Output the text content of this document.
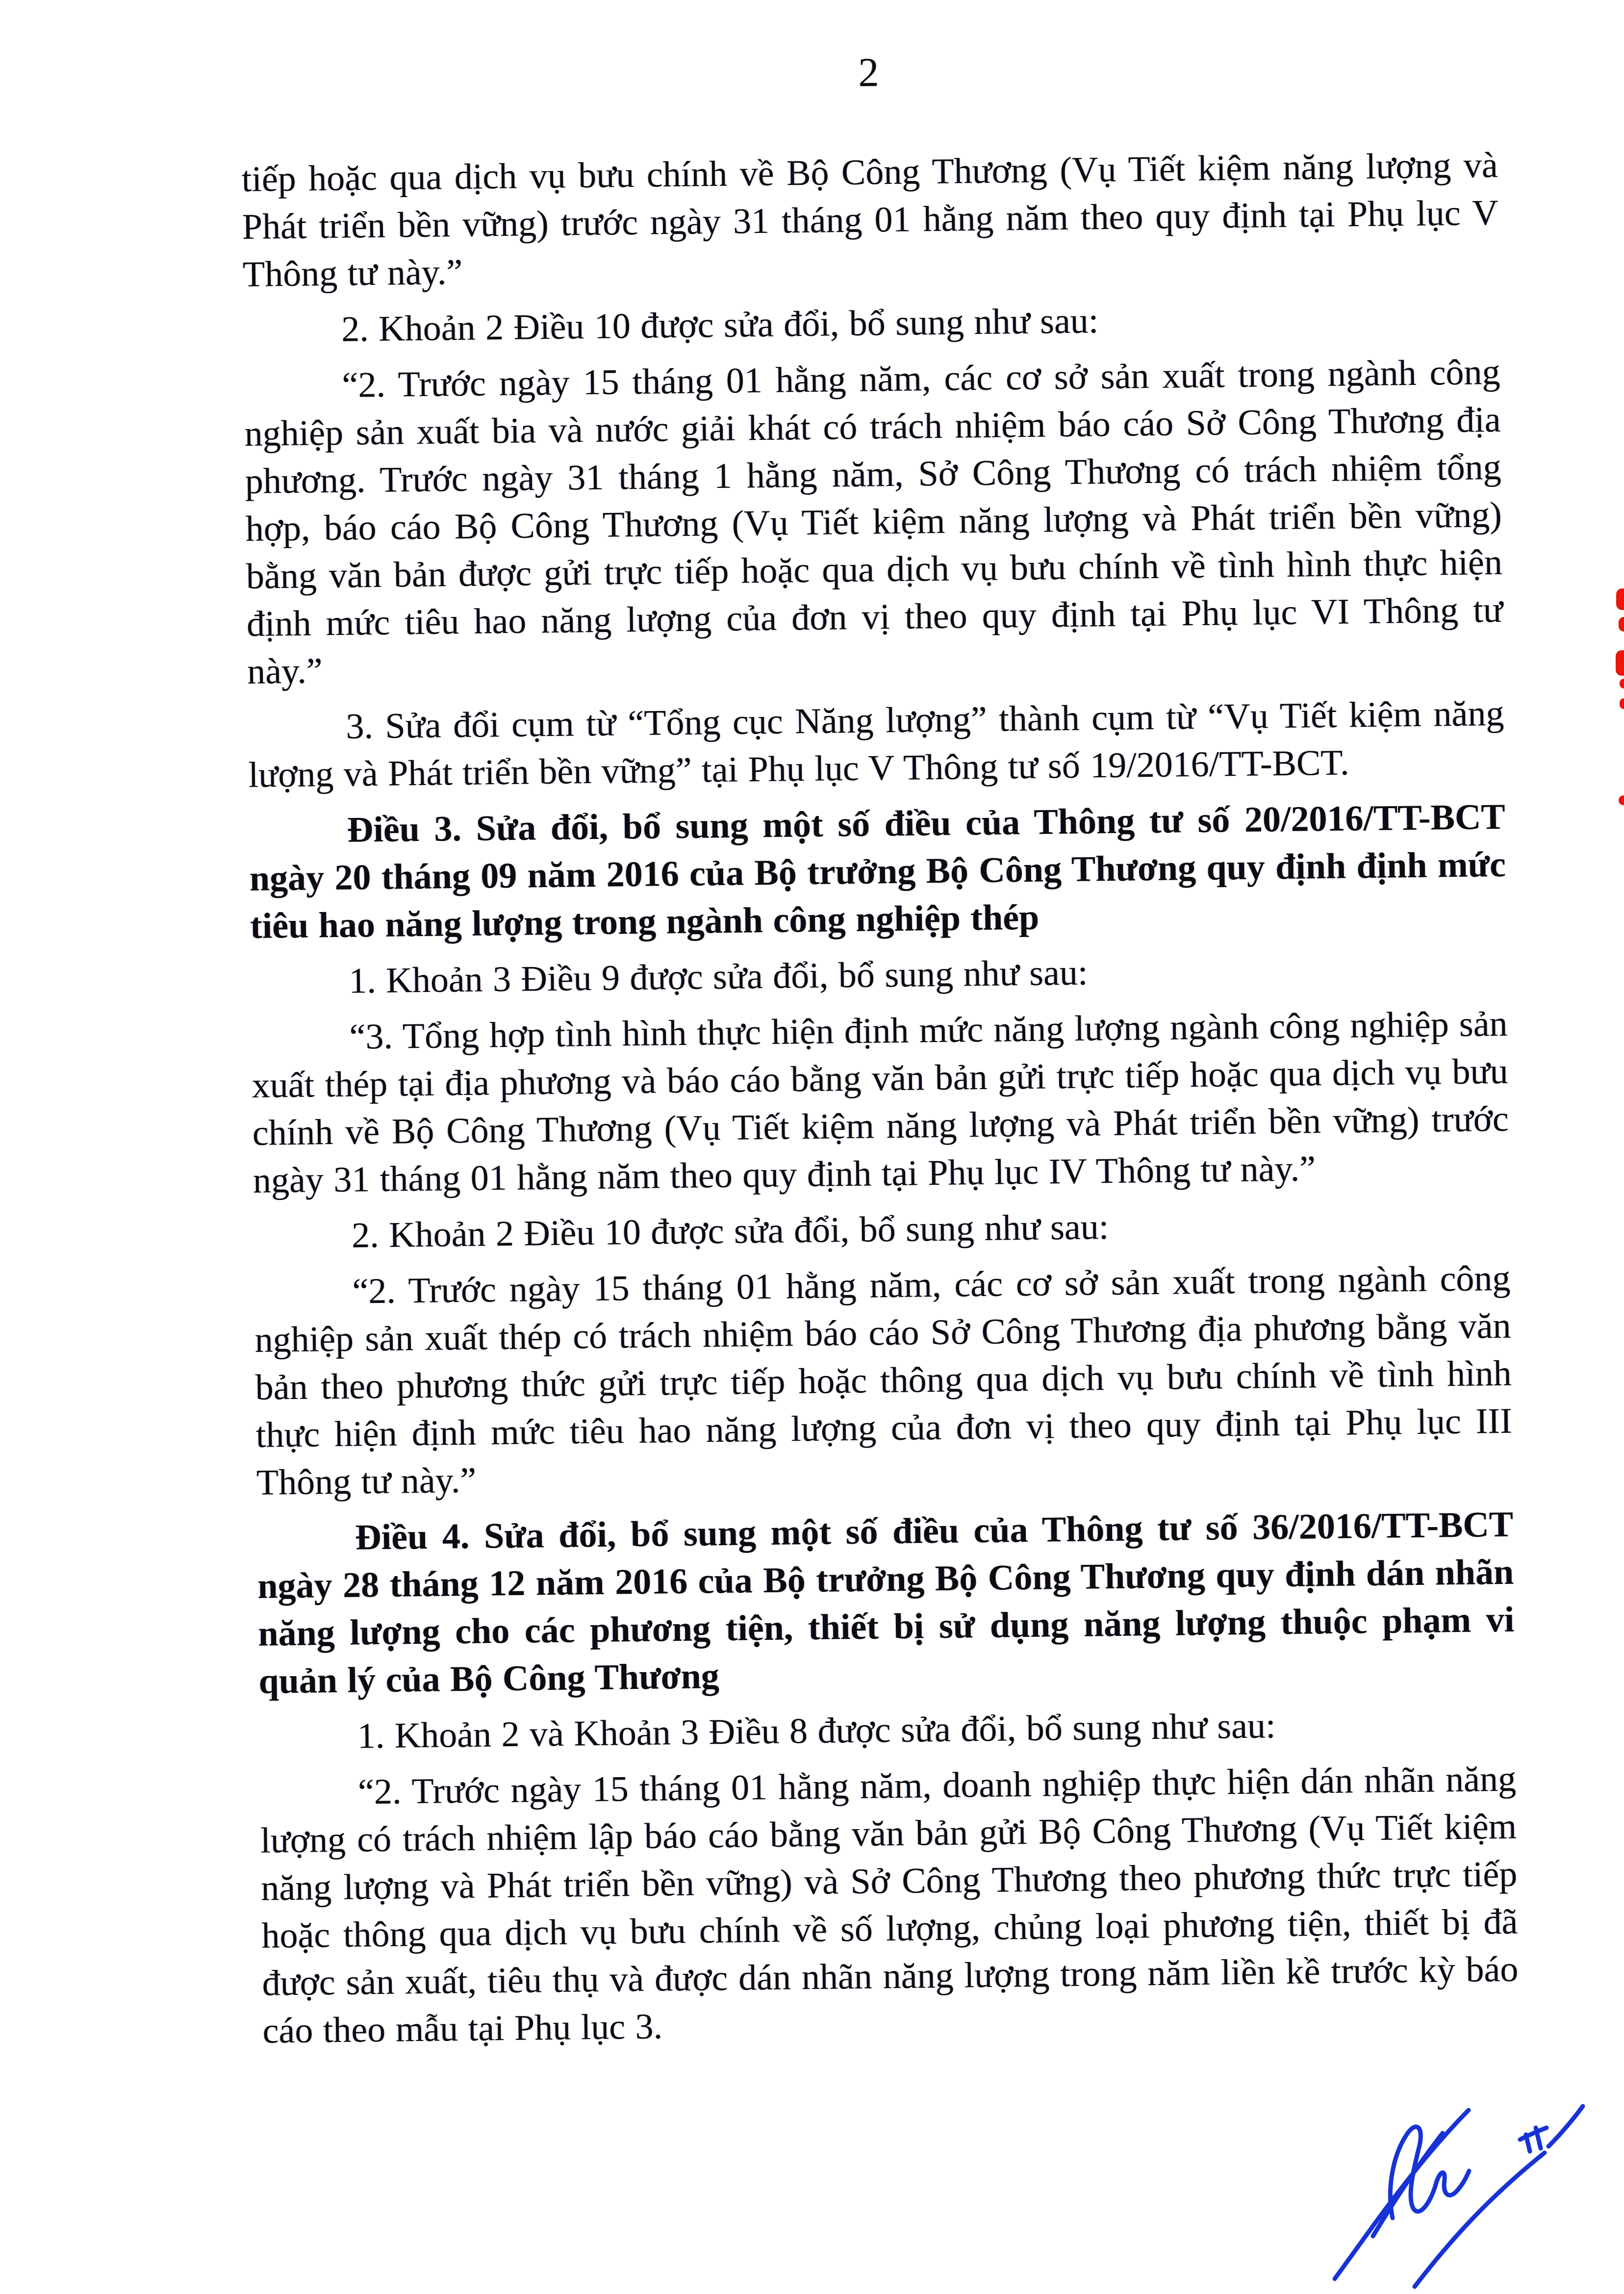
2

tiếp hoặc qua dịch vụ bưu chính về Bộ Công Thương (Vụ Tiết kiệm năng lượng và Phát triển bền vững) trước ngày 31 tháng 01 hằng năm theo quy định tại Phụ lục V Thông tư này.”

2. Khoản 2 Điều 10 được sửa đổi, bổ sung như sau:

“2. Trước ngày 15 tháng 01 hằng năm, các cơ sở sản xuất trong ngành công nghiệp sản xuất bia và nước giải khát có trách nhiệm báo cáo Sở Công Thương địa phương. Trước ngày 31 tháng 1 hằng năm, Sở Công Thương có trách nhiệm tổng hợp, báo cáo Bộ Công Thương (Vụ Tiết kiệm năng lượng và Phát triển bền vững) bằng văn bản được gửi trực tiếp hoặc qua dịch vụ bưu chính về tình hình thực hiện định mức tiêu hao năng lượng của đơn vị theo quy định tại Phụ lục VI Thông tư này.”

3. Sửa đổi cụm từ “Tổng cục Năng lượng” thành cụm từ “Vụ Tiết kiệm năng lượng và Phát triển bền vững” tại Phụ lục V Thông tư số 19/2016/TT-BCT.

Điều 3. Sửa đổi, bổ sung một số điều của Thông tư số 20/2016/TT-BCT ngày 20 tháng 09 năm 2016 của Bộ trưởng Bộ Công Thương quy định định mức tiêu hao năng lượng trong ngành công nghiệp thép

1. Khoản 3 Điều 9 được sửa đổi, bổ sung như sau:

“3. Tổng hợp tình hình thực hiện định mức năng lượng ngành công nghiệp sản xuất thép tại địa phương và báo cáo bằng văn bản gửi trực tiếp hoặc qua dịch vụ bưu chính về Bộ Công Thương (Vụ Tiết kiệm năng lượng và Phát triển bền vững) trước ngày 31 tháng 01 hằng năm theo quy định tại Phụ lục IV Thông tư này.”

2. Khoản 2 Điều 10 được sửa đổi, bổ sung như sau:

“2. Trước ngày 15 tháng 01 hằng năm, các cơ sở sản xuất trong ngành công nghiệp sản xuất thép có trách nhiệm báo cáo Sở Công Thương địa phương bằng văn bản theo phương thức gửi trực tiếp hoặc thông qua dịch vụ bưu chính về tình hình thực hiện định mức tiêu hao năng lượng của đơn vị theo quy định tại Phụ lục III Thông tư này.”

Điều 4. Sửa đổi, bổ sung một số điều của Thông tư số 36/2016/TT-BCT ngày 28 tháng 12 năm 2016 của Bộ trưởng Bộ Công Thương quy định dán nhãn năng lượng cho các phương tiện, thiết bị sử dụng năng lượng thuộc phạm vi quản lý của Bộ Công Thương

1. Khoản 2 và Khoản 3 Điều 8 được sửa đổi, bổ sung như sau:

“2. Trước ngày 15 tháng 01 hằng năm, doanh nghiệp thực hiện dán nhãn năng lượng có trách nhiệm lập báo cáo bằng văn bản gửi Bộ Công Thương (Vụ Tiết kiệm năng lượng và Phát triển bền vững) và Sở Công Thương theo phương thức trực tiếp hoặc thông qua dịch vụ bưu chính về số lượng, chủng loại phương tiện, thiết bị đã được sản xuất, tiêu thụ và được dán nhãn năng lượng trong năm liền kề trước kỳ báo cáo theo mẫu tại Phụ lục 3.
